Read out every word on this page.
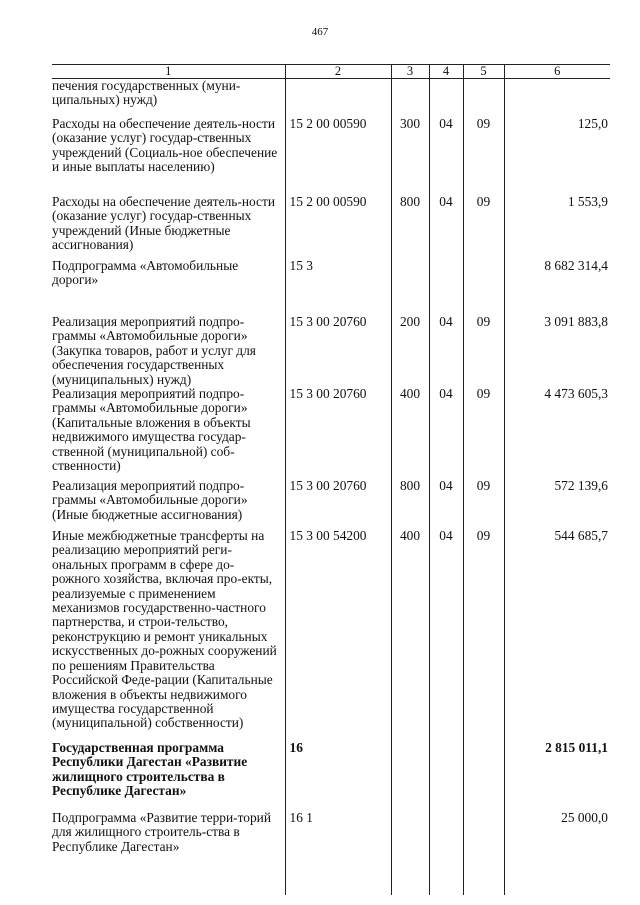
467
1	2	3	4	5	6
печения государственных (муни-ципальных) нужд)					
Расходы на обеспечение деятель-ности (оказание услуг) государ-ственных учреждений (Социаль-ное обеспечение и иные выплаты населению)	15 2 00 00590	300	04	09	125,0
Расходы на обеспечение деятель-ности (оказание услуг) государ-ственных учреждений (Иные бюджетные ассигнования)	15 2 00 00590	800	04	09	1 553,9
Подпрограмма «Автомобильные дороги»	15 3				8 682 314,4
Реализация мероприятий подпро-граммы «Автомобильные дороги» (Закупка товаров, работ и услуг для обеспечения государственных (муниципальных) нужд)	15 3 00 20760	200	04	09	3 091 883,8
Реализация мероприятий подпро-граммы «Автомобильные дороги» (Капитальные вложения в объекты недвижимого имущества государ-ственной (муниципальной) соб-ственности)	15 3 00 20760	400	04	09	4 473 605,3
Реализация мероприятий подпро-граммы «Автомобильные дороги» (Иные бюджетные ассигнования)	15 3 00 20760	800	04	09	572 139,6
Иные межбюджетные трансферты на реализацию мероприятий реги-ональных программ в сфере до-рожного хозяйства, включая про-екты, реализуемые с применением механизмов государственно-частного партнерства, и строи-тельство, реконструкцию и ремонт уникальных искусственных до-рожных сооружений по решениям Правительства Российской Феде-рации (Капитальные вложения в объекты недвижимого имущества государственной (муниципальной) собственности)	15 3 00 54200	400	04	09	544 685,7
Государственная программа Республики Дагестан «Развитие жилищного строительства в Республике Дагестан»	16				2 815 011,1
Подпрограмма «Развитие терри-торий для жилищного строитель-ства в Республике Дагестан»	16 1				25 000,0
